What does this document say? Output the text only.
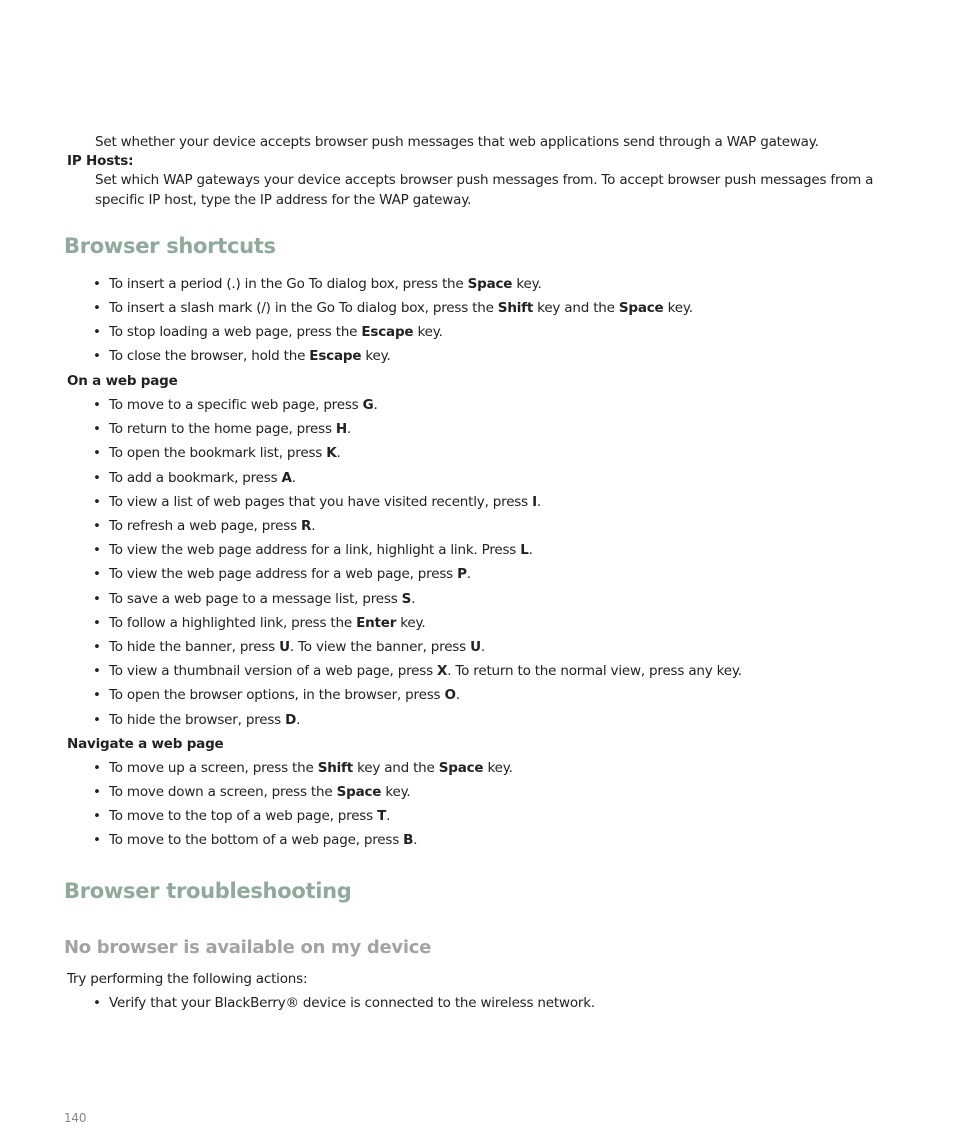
Set whether your device accepts browser push messages that web applications send through a WAP gateway.
IP Hosts:
Set which WAP gateways your device accepts browser push messages from. To accept browser push messages from a specific IP host, type the IP address for the WAP gateway.
Browser shortcuts
• To insert a period (.) in the Go To dialog box, press the Space key.
• To insert a slash mark (/) in the Go To dialog box, press the Shift key and the Space key.
• To stop loading a web page, press the Escape key.
• To close the browser, hold the Escape key.
On a web page
• To move to a specific web page, press G.
• To return to the home page, press H.
• To open the bookmark list, press K.
• To add a bookmark, press A.
• To view a list of web pages that you have visited recently, press I.
• To refresh a web page, press R.
• To view the web page address for a link, highlight a link. Press L.
• To view the web page address for a web page, press P.
• To save a web page to a message list, press S.
• To follow a highlighted link, press the Enter key.
• To hide the banner, press U. To view the banner, press U.
• To view a thumbnail version of a web page, press X. To return to the normal view, press any key.
• To open the browser options, in the browser, press O.
• To hide the browser, press D.
Navigate a web page
• To move up a screen, press the Shift key and the Space key.
• To move down a screen, press the Space key.
• To move to the top of a web page, press T.
• To move to the bottom of a web page, press B.
Browser troubleshooting
No browser is available on my device
Try performing the following actions:
• Verify that your BlackBerry® device is connected to the wireless network.
140
